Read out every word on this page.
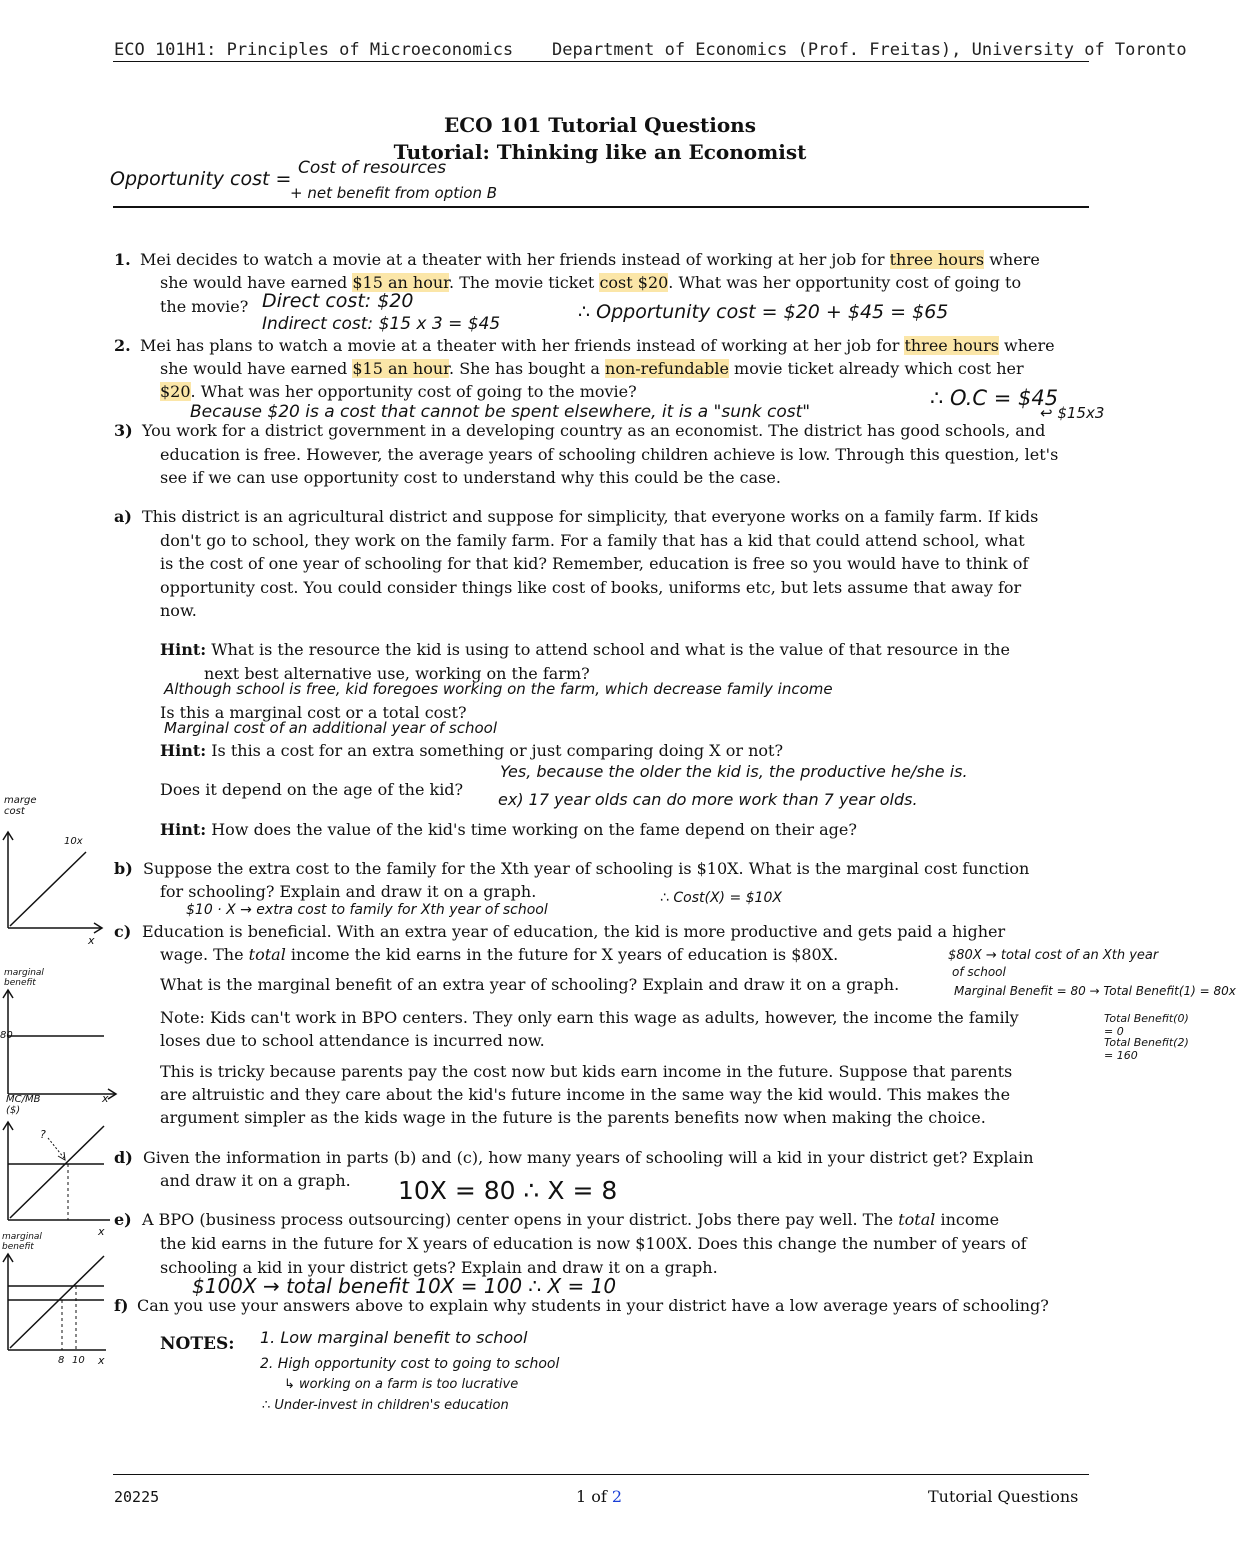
ECO 101H1: Principles of Microeconomics Department of Economics (Prof. Freitas), University of Toronto
ECO 101 Tutorial Questions
Tutorial: Thinking like an Economist
Opportunity cost = Cost of resources
+ net benefit from option B
1. Mei decides to watch a movie at a theater with her friends instead of working at her job for three hours where
she would have earned $15 an hour. The movie ticket cost $20. What was her opportunity cost of going to
the movie? Direct cost: $20
Indirect cost: $15 x 3 = $45
∴ Opportunity cost = $20 + $45 = $65
2. Mei has plans to watch a movie at a theater with her friends instead of working at her job for three hours where
she would have earned $15 an hour. She has bought a non-refundable movie ticket already which cost her
$20. What was her opportunity cost of going to the movie?	∴ O.C = $45
↩ $15x3
Because $20 is a cost that cannot be spent elsewhere, it is a "sunk cost"
3) You work for a district government in a developing country as an economist. The district has good schools, and
education is free. However, the average years of schooling children achieve is low. Through this question, let's
see if we can use opportunity cost to understand why this could be the case.
a) This district is an agricultural district and suppose for simplicity, that everyone works on a family farm. If kids
don't go to school, they work on the family farm. For a family that has a kid that could attend school, what
is the cost of one year of schooling for that kid? Remember, education is free so you would have to think of
opportunity cost. You could consider things like cost of books, uniforms etc, but lets assume that away for
now.
Hint: What is the resource the kid is using to attend school and what is the value of that resource in the
next best alternative use, working on the farm?
Although school is free, kid foregoes working on the farm, which decrease family income
Is this a marginal cost or a total cost?
Marginal cost of an additional year of school
Hint: Is this a cost for an extra something or just comparing doing X or not?
Does it depend on the age of the kid?
Yes, because the older the kid is, the productive he/she is.
ex) 17 year olds can do more work than 7 year olds.
Hint: How does the value of the kid's time working on the fame depend on their age?
b) Suppose the extra cost to the family for the Xth year of schooling is $10X. What is the marginal cost function
for schooling? Explain and draw it on a graph.	∴ Cost(X) = $10X
$10 · X → extra cost to family for Xth year of school
c) Education is beneficial. With an extra year of education, the kid is more productive and gets paid a higher
wage. The total income the kid earns in the future for X years of education is $80X.
What is the marginal benefit of an extra year of schooling? Explain and draw it on a graph.
Note: Kids can't work in BPO centers. They only earn this wage as adults, however, the income the family
loses due to school attendance is incurred now.
This is tricky because parents pay the cost now but kids earn income in the future. Suppose that parents
are altruistic and they care about the kid's future income in the same way the kid would. This makes the
argument simpler as the kids wage in the future is the parents benefits now when making the choice.
$80X → total cost of an Xth year
of school
Marginal Benefit = 80 → Total Benefit(1) = 80x
Total Benefit(0) = 0
Total Benefit(2) = 160
d) Given the information in parts (b) and (c), how many years of schooling will a kid in your district get? Explain
and draw it on a graph. 10X = 80 ∴ X = 8
e) A BPO (business process outsourcing) center opens in your district. Jobs there pay well. The total income
the kid earns in the future for X years of education is now $100X. Does this change the number of years of
schooling a kid in your district gets? Explain and draw it on a graph.
$100X → total benefit 10X = 100 ∴ X = 10
f) Can you use your answers above to explain why students in your district have a low average years of schooling?
NOTES: 1. Low marginal benefit to school
2. High opportunity cost to going to school
↳ working on a farm is too lucrative
∴ Under-invest in children's education
marge cost
10x
x
marginal benefit
80
x
MC/MB ($)
?
x
marginal benefit
8 10 x
20225	1 of 2	Tutorial Questions
